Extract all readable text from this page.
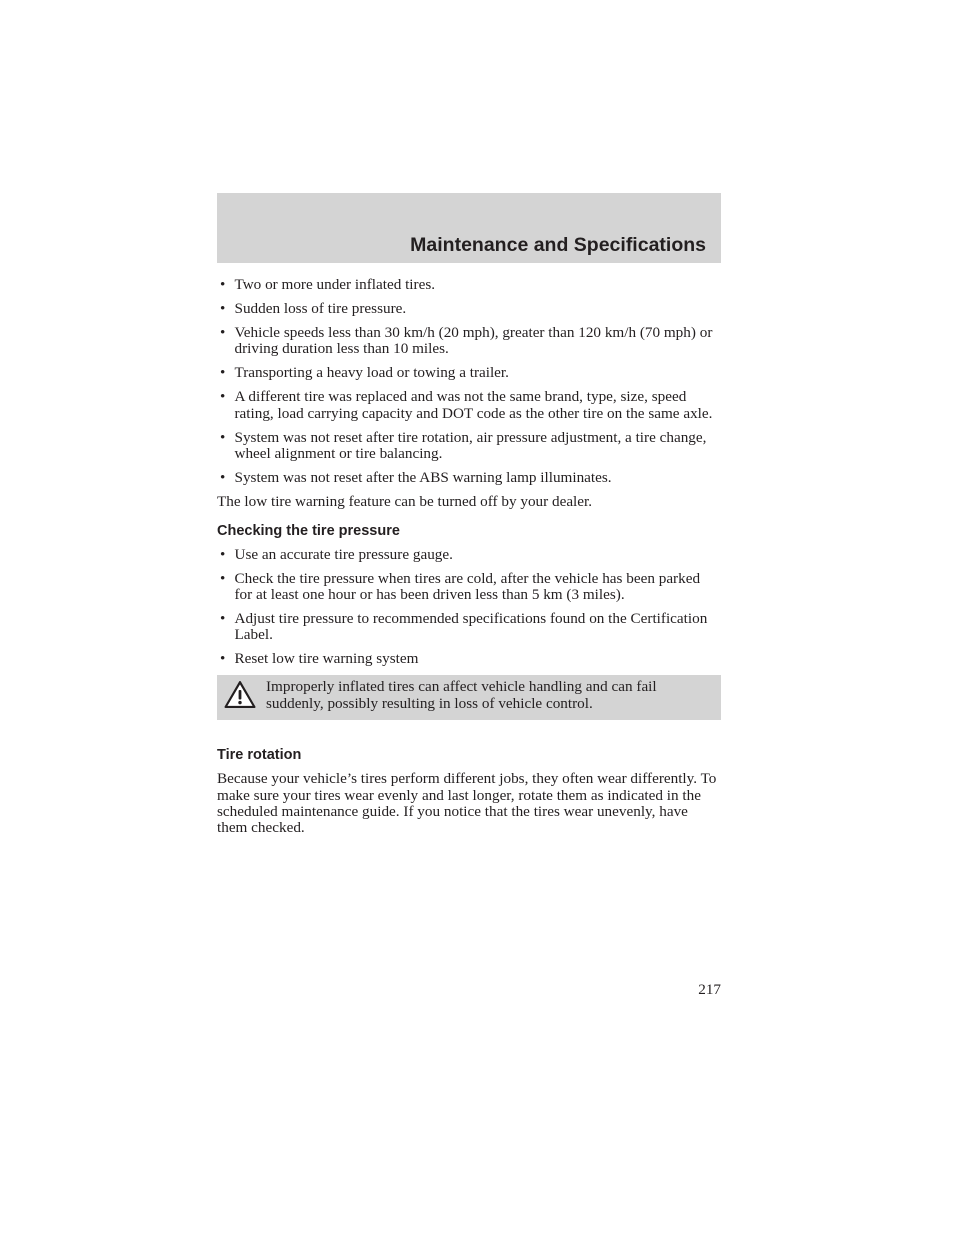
Maintenance and Specifications
• Two or more under inflated tires.
• Sudden loss of tire pressure.
• Vehicle speeds less than 30 km/h (20 mph), greater than 120 km/h (70 mph) or driving duration less than 10 miles.
• Transporting a heavy load or towing a trailer.
• A different tire was replaced and was not the same brand, type, size, speed rating, load carrying capacity and DOT code as the other tire on the same axle.
• System was not reset after tire rotation, air pressure adjustment, a tire change, wheel alignment or tire balancing.
• System was not reset after the ABS warning lamp illuminates.

The low tire warning feature can be turned off by your dealer.

Checking the tire pressure
• Use an accurate tire pressure gauge.
• Check the tire pressure when tires are cold, after the vehicle has been parked for at least one hour or has been driven less than 5 km (3 miles).
• Adjust tire pressure to recommended specifications found on the Certification Label.
• Reset low tire warning system
Improperly inflated tires can affect vehicle handling and can fail suddenly, possibly resulting in loss of vehicle control.
Tire rotation

Because your vehicle’s tires perform different jobs, they often wear differently. To make sure your tires wear evenly and last longer, rotate them as indicated in the scheduled maintenance guide. If you notice that the tires wear unevenly, have them checked.

217
